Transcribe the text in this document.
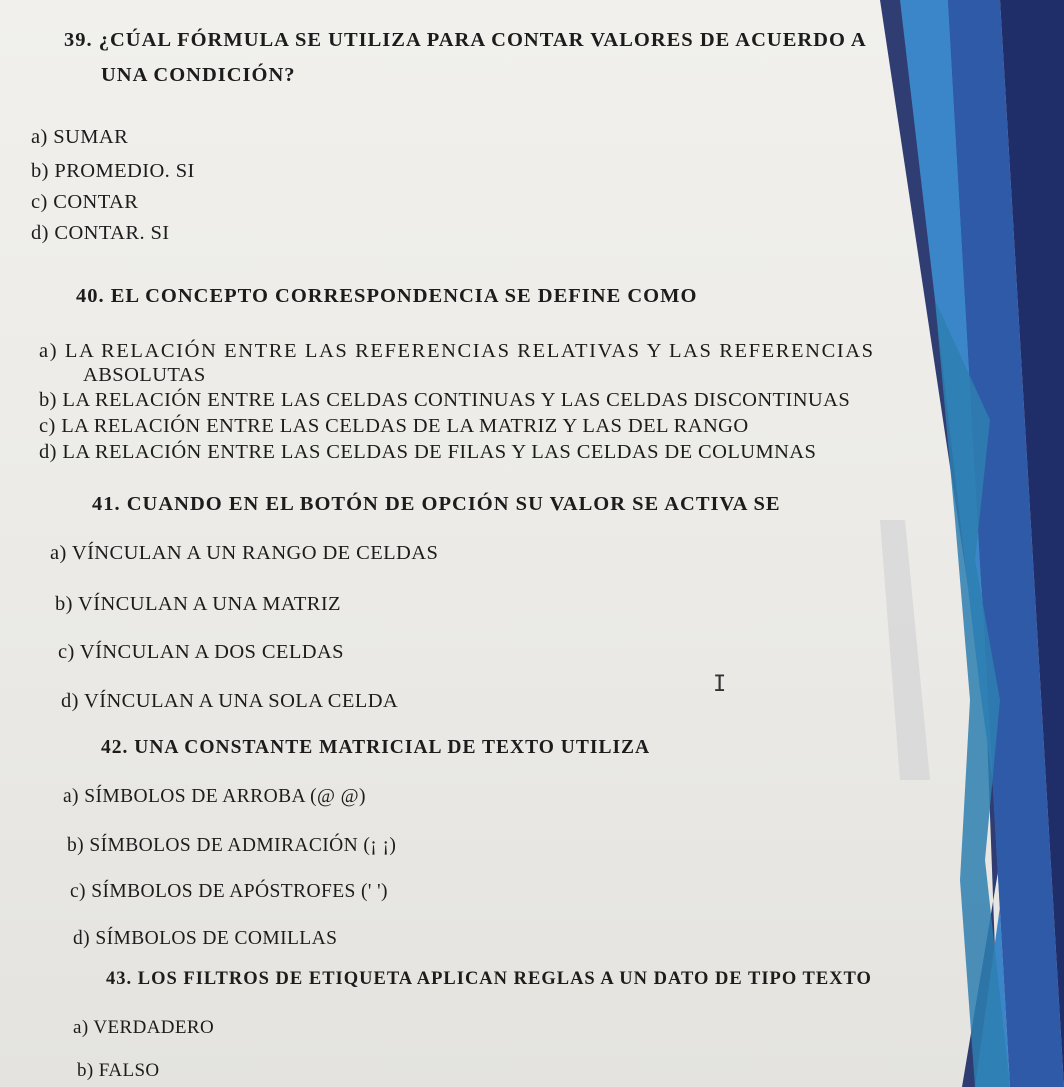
39. ¿CÚAL FÓRMULA SE UTILIZA PARA CONTAR VALORES DE ACUERDO A
UNA CONDICIÓN?
a) SUMAR
b) PROMEDIO. SI
c) CONTAR
d) CONTAR. SI
40. EL CONCEPTO CORRESPONDENCIA SE DEFINE COMO
a) LA RELACIÓN ENTRE LAS REFERENCIAS RELATIVAS Y LAS REFERENCIAS
ABSOLUTAS
b) LA RELACIÓN ENTRE LAS CELDAS CONTINUAS Y LAS CELDAS DISCONTINUAS
c) LA RELACIÓN ENTRE LAS CELDAS DE LA MATRIZ Y LAS DEL RANGO
d) LA RELACIÓN ENTRE LAS CELDAS DE FILAS Y LAS CELDAS DE COLUMNAS
41. CUANDO EN EL BOTÓN DE OPCIÓN SU VALOR SE ACTIVA SE
a) VÍNCULAN A UN RANGO DE CELDAS
b) VÍNCULAN A UNA MATRIZ
c) VÍNCULAN A DOS CELDAS
d) VÍNCULAN A UNA SOLA CELDA
I
42. UNA CONSTANTE MATRICIAL DE TEXTO UTILIZA
a) SÍMBOLOS DE ARROBA (@ @)
b) SÍMBOLOS DE ADMIRACIÓN (¡ ¡)
c) SÍMBOLOS DE APÓSTROFES (' ')
d) SÍMBOLOS DE COMILLAS
43. LOS FILTROS DE ETIQUETA APLICAN REGLAS A UN DATO DE TIPO TEXTO
a) VERDADERO
b) FALSO
